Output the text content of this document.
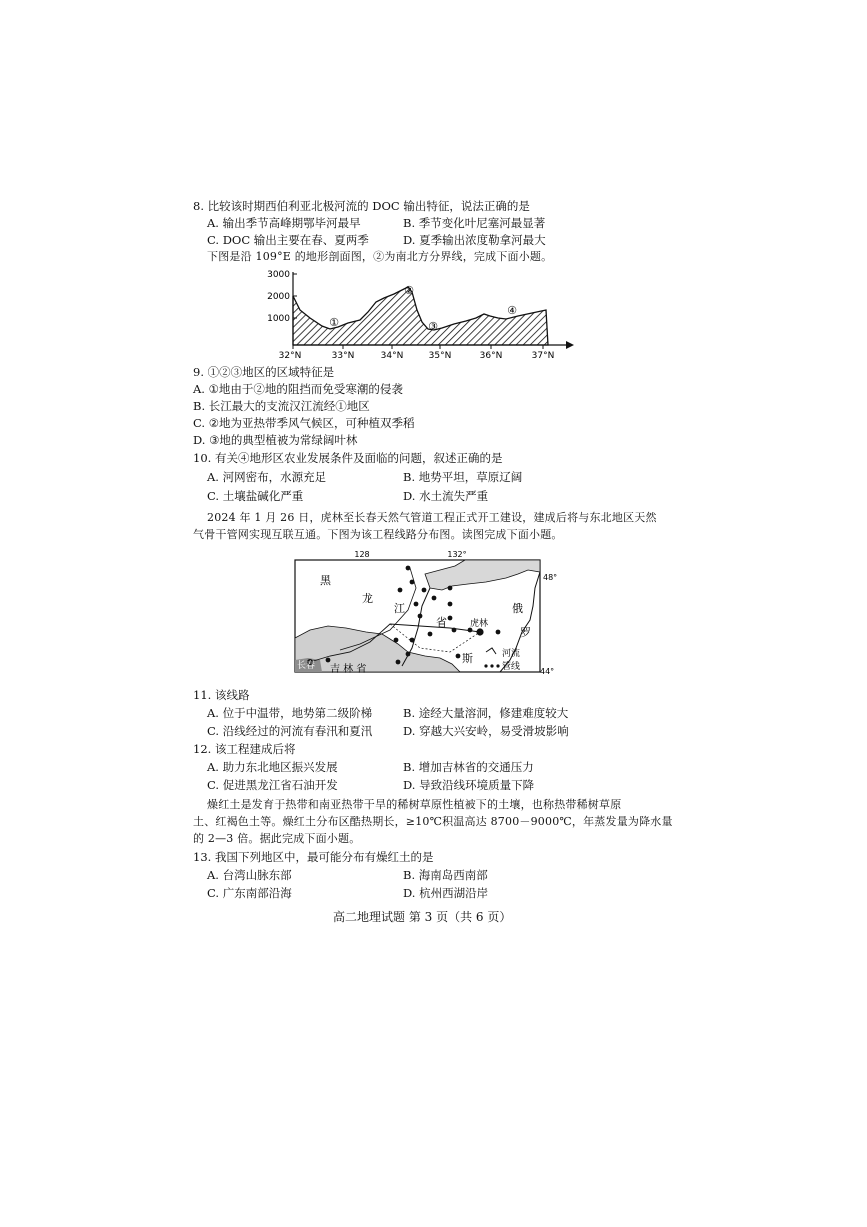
8. 比较该时期西伯利亚北极河流的 DOC 输出特征，说法正确的是
A. 输出季节高峰期鄂毕河最早	B. 季节变化叶尼塞河最显著
C. DOC 输出主要在春、夏两季	D. 夏季输出浓度勒拿河最大
下图是沿 109°E 的地形剖面图，②为南北方分界线，完成下面小题。
3000
2000
1000
32°N	33°N	34°N	35°N	36°N	37°N
①
②
③
④
9. ①②③地区的区域特征是
A. ①地由于②地的阻挡而免受寒潮的侵袭
B. 长江最大的支流汉江流经①地区
C. ②地为亚热带季风气候区，可种植双季稻
D. ③地的典型植被为常绿阔叶林
10. 有关④地形区农业发展条件及面临的问题，叙述正确的是
A. 河网密布，水源充足	B. 地势平坦，草原辽阔
C. 土壤盐碱化严重	D. 水土流失严重
2024 年 1 月 26 日，虎林至长春天然气管道工程正式开工建设，建成后将与东北地区天然
气骨干管网实现互联互通。下图为该工程线路分布图。读图完成下面小题。
128	132°
黑
龙
江
省
俄
罗
斯
虎林
长春 吉 林 省
48°
44°
河流
管线
11. 该线路
A. 位于中温带，地势第二级阶梯	B. 途经大量溶洞，修建难度较大
C. 沿线经过的河流有春汛和夏汛	D. 穿越大兴安岭，易受滑坡影响
12. 该工程建成后将
A. 助力东北地区振兴发展	B. 增加吉林省的交通压力
C. 促进黑龙江省石油开发	D. 导致沿线环境质量下降
燥红土是发育于热带和南亚热带干旱的稀树草原性植被下的土壤，也称热带稀树草原
土、红褐色土等。燥红土分布区酷热期长，≥10℃积温高达 8700－9000℃，年蒸发量为降水量
的 2—3 倍。据此完成下面小题。
13. 我国下列地区中，最可能分布有燥红土的是
A. 台湾山脉东部	B. 海南岛西南部
C. 广东南部沿海	D. 杭州西湖沿岸
高二地理试题 第 3 页（共 6 页）
